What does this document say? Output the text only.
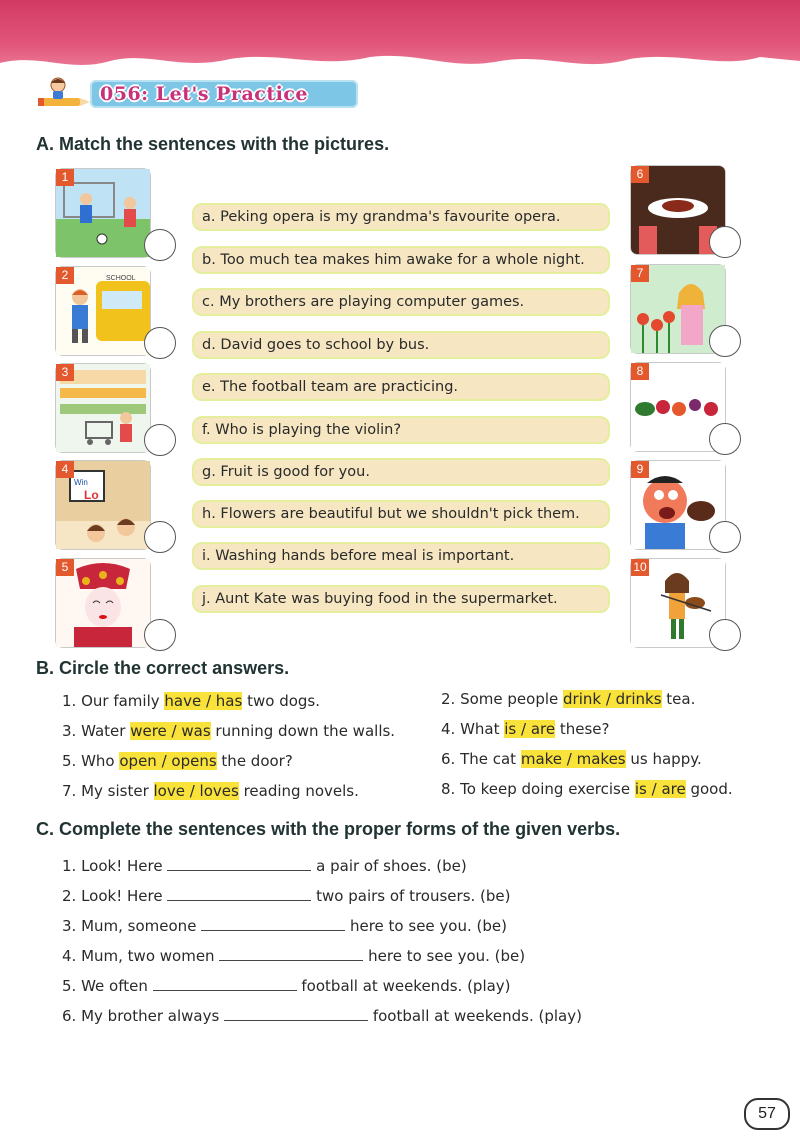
056: Let's Practice
A. Match the sentences with the pictures.
1
SCHOOL
2
3
Win
Lo
4
5
a. Peking opera is my grandma's favourite opera.
b. Too much tea makes him awake for a whole night.
c. My brothers are playing computer games.
d. David goes to school by bus.
e. The football team are practicing.
f. Who is playing the violin?
g. Fruit is good for you.
h. Flowers are beautiful but we shouldn't pick them.
i. Washing hands before meal is important.
j. Aunt Kate was buying food in the supermarket.
6
7
8
9
10
B. Circle the correct answers.
1. Our family have / has two dogs.	2. Some people drink / drinks tea.
3. Water were / was running down the walls.	4. What is / are these?
5. Who open / opens the door?	6. The cat make / makes us happy.
7. My sister love / loves reading novels.	8. To keep doing exercise is / are good.
C. Complete the sentences with the proper forms of the given verbs.
1. Look! Here	a pair of shoes. (be)
2. Look! Here	two pairs of trousers. (be)
3. Mum, someone	here to see you. (be)
4. Mum, two women	here to see you. (be)
5. We often	football at weekends. (play)
6. My brother always	football at weekends. (play)
57
